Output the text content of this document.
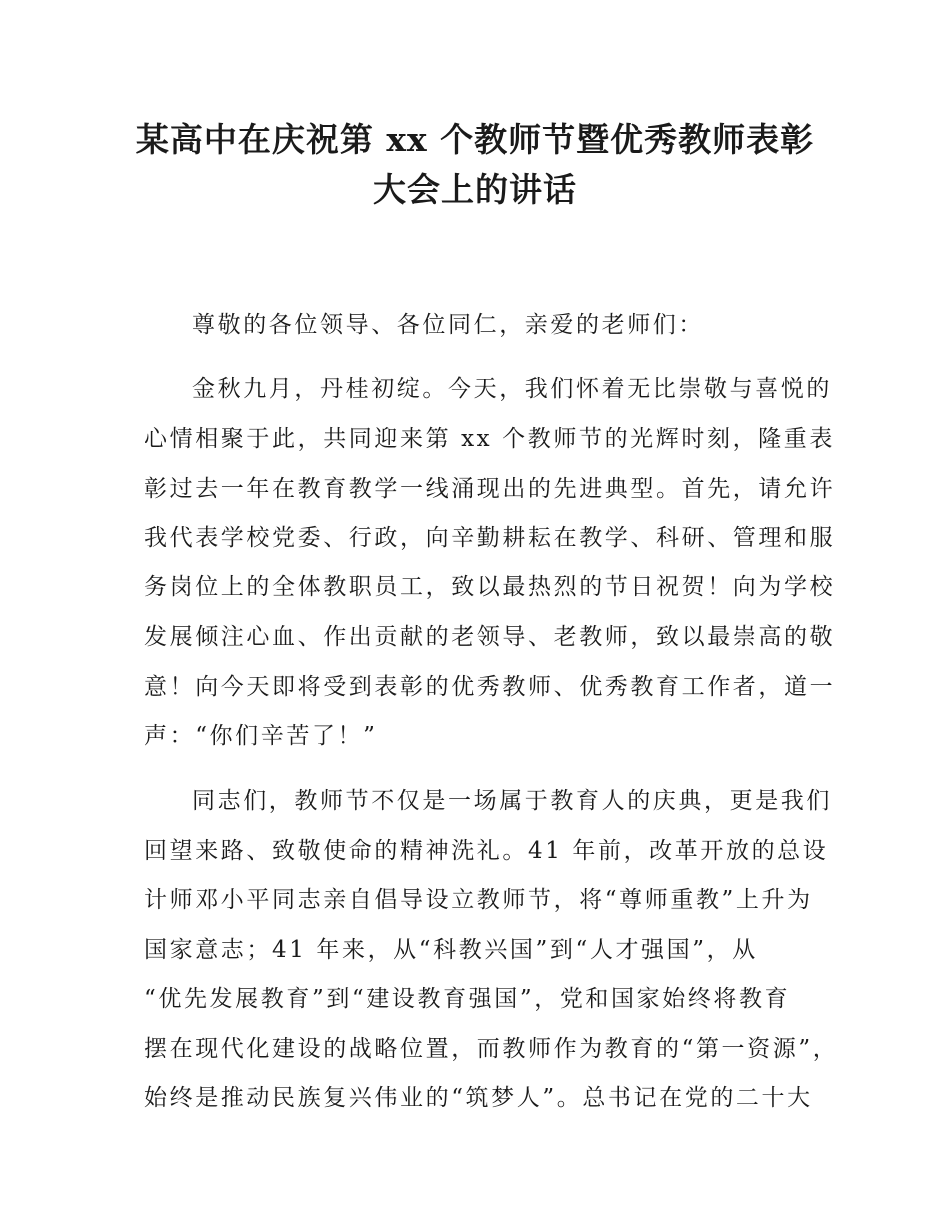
某高中在庆祝第 xx 个教师节暨优秀教师表彰
大会上的讲话

尊敬的各位领导、各位同仁，亲爱的老师们：

金秋九月，丹桂初绽。今天，我们怀着无比崇敬与喜悦的

心情相聚于此，共同迎来第 xx 个教师节的光辉时刻，隆重表

彰过去一年在教育教学一线涌现出的先进典型。首先，请允许

我代表学校党委、行政，向辛勤耕耘在教学、科研、管理和服

务岗位上的全体教职员工，致以最热烈的节日祝贺！向为学校

发展倾注心血、作出贡献的老领导、老教师，致以最崇高的敬

意！向今天即将受到表彰的优秀教师、优秀教育工作者，道一

声：“你们辛苦了！”

同志们，教师节不仅是一场属于教育人的庆典，更是我们

回望来路、致敬使命的精神洗礼。41 年前，改革开放的总设

计师邓小平同志亲自倡导设立教师节，将“尊师重教”上升为

国家意志；41 年来，从“科教兴国”到“人才强国”，从

“优先发展教育”到“建设教育强国”，党和国家始终将教育

摆在现代化建设的战略位置，而教师作为教育的“第一资源”，

始终是推动民族复兴伟业的“筑梦人”。总书记在党的二十大
